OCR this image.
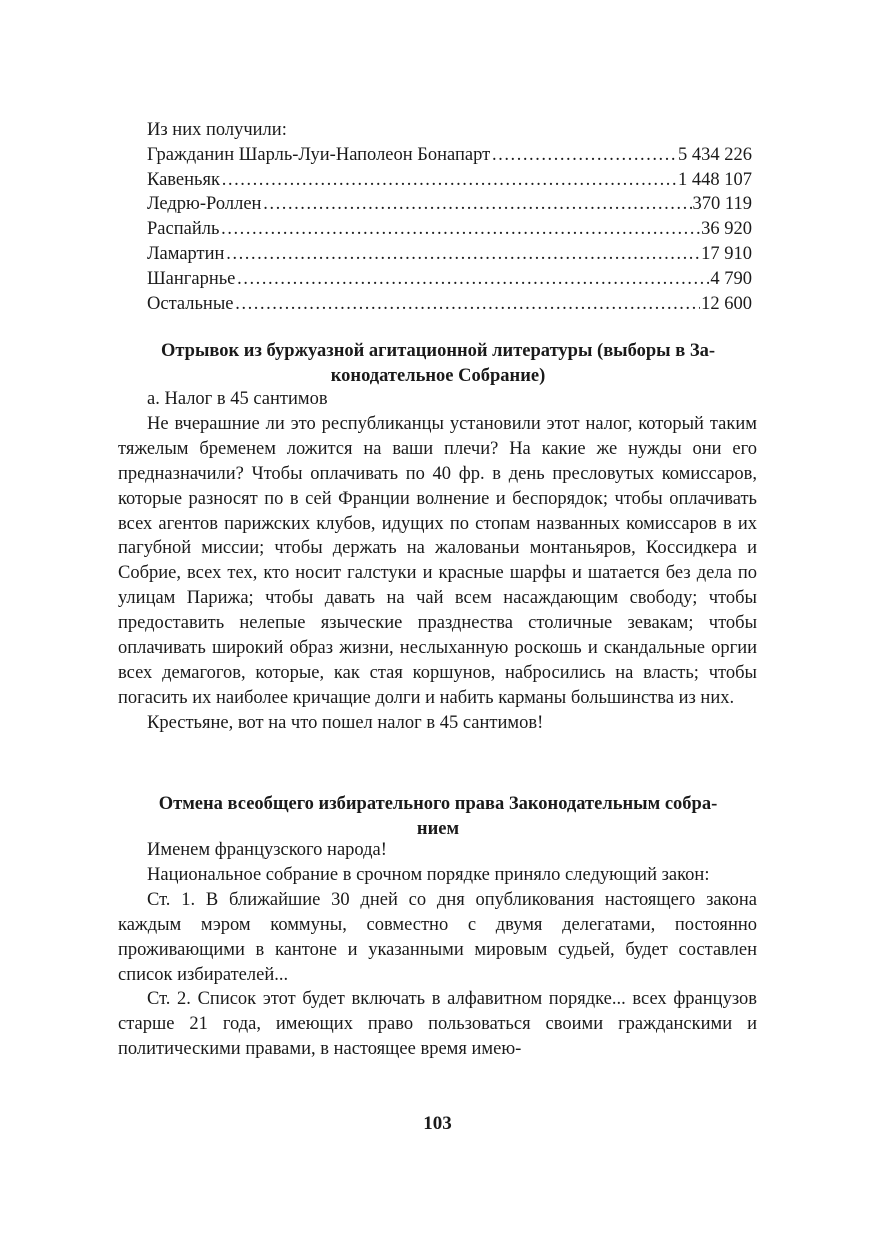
Из них получили:
Гражданин Шарль-Луи-Наполеон Бонапарт ……………………………………………………………………………………………………………………………………	5 434 226
Кавеньяк ……………………………………………………………………………………………………………………………………	1 448 107
Ледрю-Роллен ……………………………………………………………………………………………………………………………………	370 119
Распайль ……………………………………………………………………………………………………………………………………	36 920
Ламартин ……………………………………………………………………………………………………………………………………	17 910
Шангарнье ……………………………………………………………………………………………………………………………………	4 790
Остальные ……………………………………………………………………………………………………………………………………	12 600
Отрывок из буржуазной агитационной литературы (выборы в За-
конодательное Собрание)

а. Налог в 45 сантимов

Не вчерашние ли это республиканцы установили этот налог, который таким тяжелым бременем ложится на ваши плечи? На какие же нужды они его предназначили? Чтобы оплачивать по 40 фр. в день пресловутых комиссаров, которые разносят по в сей Франции волнение и беспорядок; чтобы оплачивать всех агентов парижских клубов, идущих по стопам названных комиссаров в их пагубной миссии; чтобы держать на жалованьи монтаньяров, Коссидкера и Собрие, всех тех, кто носит галстуки и красные шарфы и шатается без дела по улицам Парижа; чтобы давать на чай всем насаждающим свободу; чтобы предоставить нелепые языческие празднества столичные зевакам; чтобы оплачивать широкий образ жизни, неслыханную роскошь и скандальные оргии всех демагогов, которые, как стая коршунов, набросились на власть; чтобы погасить их наиболее кричащие долги и набить карманы большинства из них.

Крестьяне, вот на что пошел налог в 45 сантимов!

Отмена всеобщего избирательного права Законодательным собра-
нием

Именем французского народа!

Национальное собрание в срочном порядке приняло следующий закон:

Ст. 1. В ближайшие 30 дней со дня опубликования настоящего закона каждым мэром коммуны, совместно с двумя делегатами, постоянно проживающими в кантоне и указанными мировым судьей, будет составлен список избирателей...

Ст. 2. Список этот будет включать в алфавитном порядке... всех французов старше 21 года, имеющих право пользоваться своими гражданскими и политическими правами, в настоящее время имею-

103
